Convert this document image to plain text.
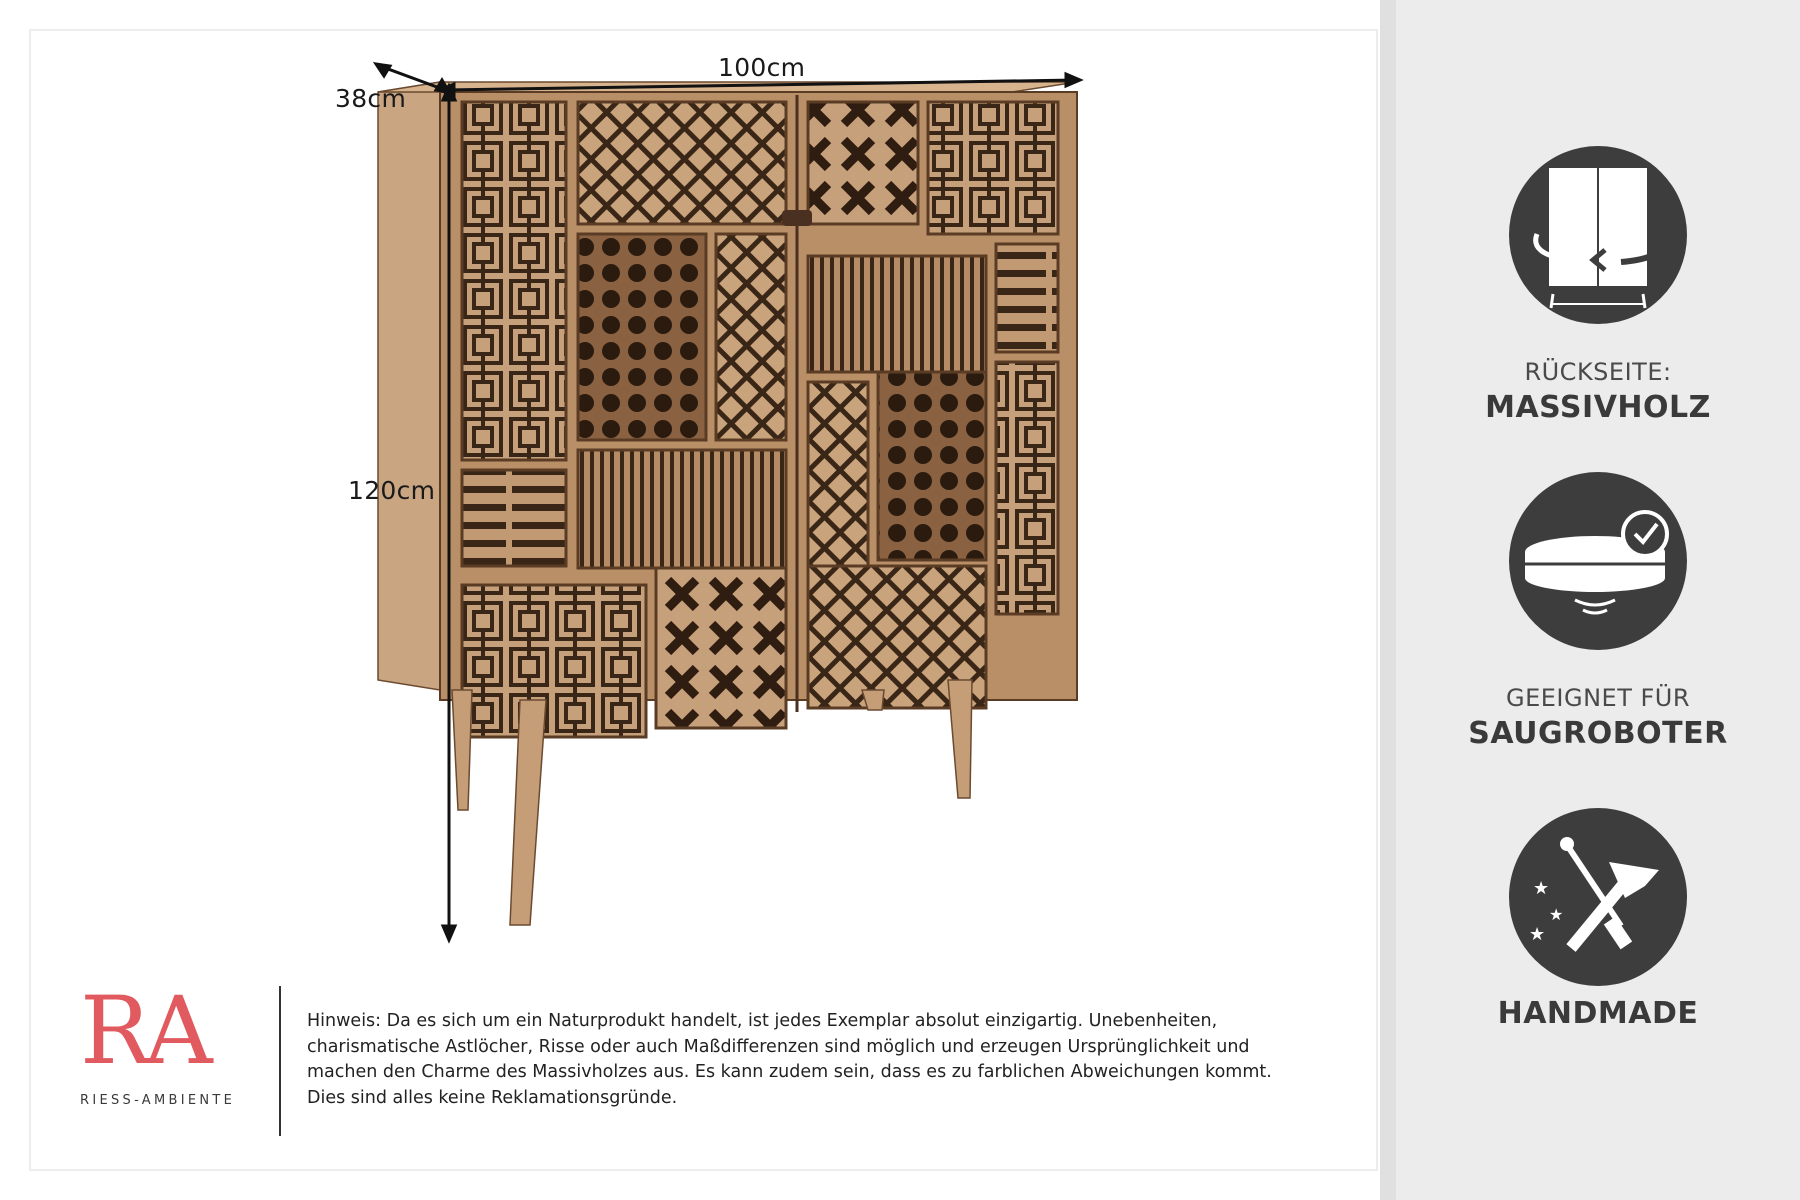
38cm
100cm
120cm
RÜCKSEITE:
MASSIVHOLZ
GEEIGNET FÜR
SAUGROBOTER
★
★
★
HANDMADE
RA
RIESS-AMBIENTE

Hinweis: Da es sich um ein Naturprodukt handelt, ist jedes Exemplar absolut einzigartig. Unebenheiten,

charismatische Astlöcher, Risse oder auch Maßdifferenzen sind möglich und erzeugen Ursprünglichkeit und

machen den Charme des Massivholzes aus. Es kann zudem sein, dass es zu farblichen Abweichungen kommt.

Dies sind alles keine Reklamationsgründe.
